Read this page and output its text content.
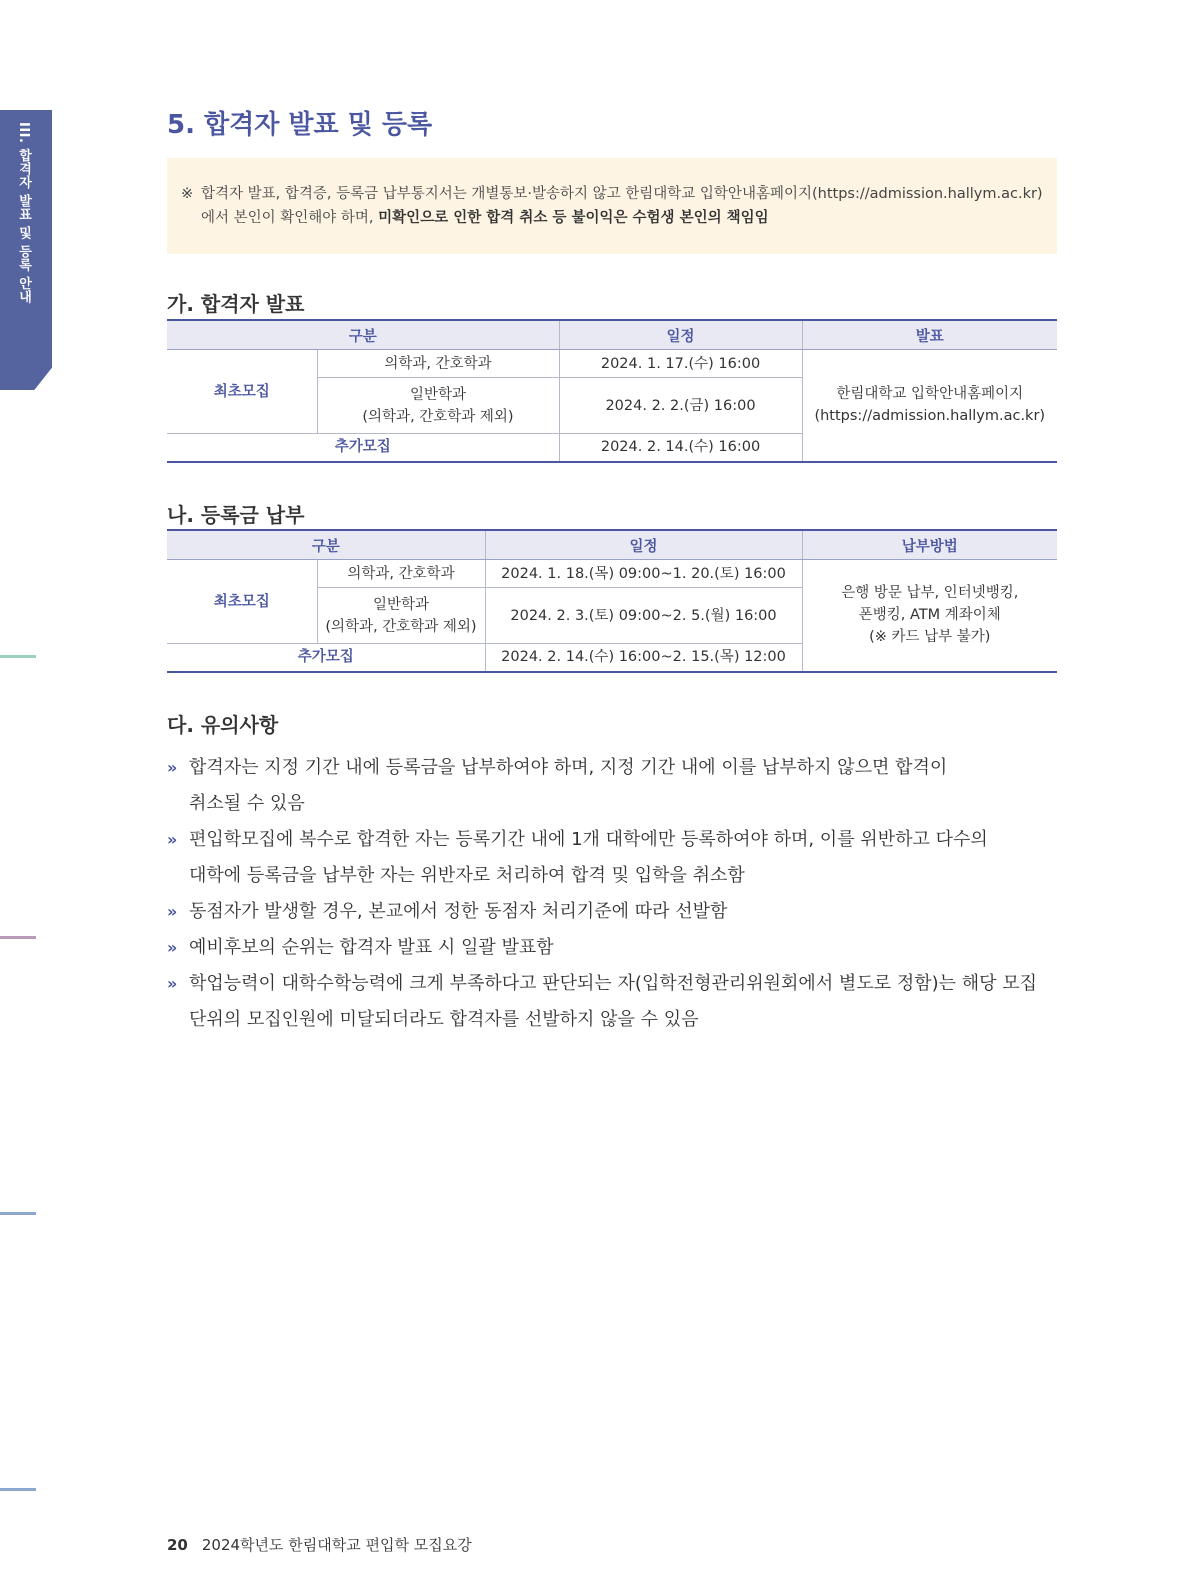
III. 합격자 발표 및 등록 안내	5. 합격자 발표 및 등록
※ 합격자 발표, 합격증, 등록금 납부통지서는 개별통보·발송하지 않고 한림대학교 입학안내홈페이지(https://admission.hallym.ac.kr)
에서 본인이 확인해야 하며, 미확인으로 인한 합격 취소 등 불이익은 수험생 본인의 책임임
가. 합격자 발표
구분		일정	발표
최초모집	의학과, 간호학과	2024. 1. 17.(수) 16:00	한림대학교 입학안내홈페이지
(https://admission.hallym.ac.kr)

	일반학과
(의학과, 간호학과 제외)	2024. 2. 2.(금) 16:00	
추가모집		2024. 2. 14.(수) 16:00	
나. 등록금 납부
구분		일정	납부방법
최초모집	의학과, 간호학과	2024. 1. 18.(목) 09:00~1. 20.(토) 16:00	은행 방문 납부, 인터넷뱅킹,
폰뱅킹, ATM 계좌이체
(※ 카드 납부 불가)

	일반학과
(의학과, 간호학과 제외)	2024. 2. 3.(토) 09:00~2. 5.(월) 16:00	
추가모집		2024. 2. 14.(수) 16:00~2. 15.(목) 12:00	
다. 유의사항
» 합격자는 지정 기간 내에 등록금을 납부하여야 하며, 지정 기간 내에 이를 납부하지 않으면 합격이
취소될 수 있음
» 편입학모집에 복수로 합격한 자는 등록기간 내에 1개 대학에만 등록하여야 하며, 이를 위반하고 다수의
대학에 등록금을 납부한 자는 위반자로 처리하여 합격 및 입학을 취소함
» 동점자가 발생할 경우, 본교에서 정한 동점자 처리기준에 따라 선발함
» 예비후보의 순위는 합격자 발표 시 일괄 발표함
» 학업능력이 대학수학능력에 크게 부족하다고 판단되는 자(입학전형관리위원회에서 별도로 정함)는 해당 모집
단위의 모집인원에 미달되더라도 합격자를 선발하지 않을 수 있음
20 2024학년도 한림대학교 편입학 모집요강
